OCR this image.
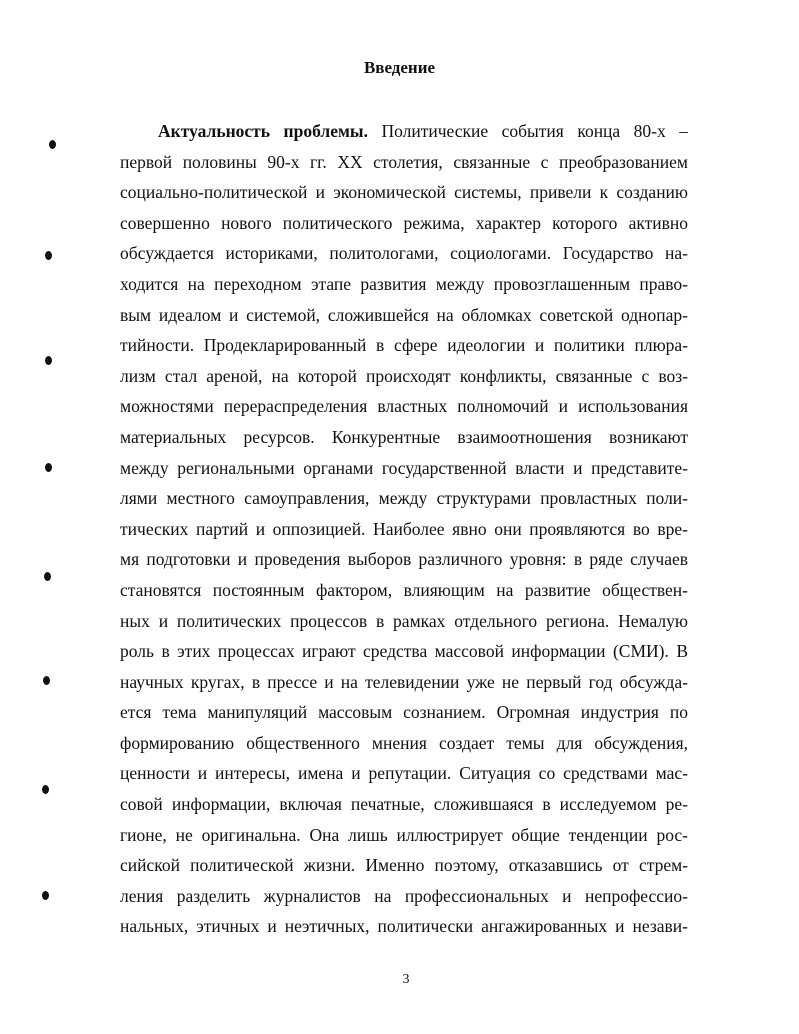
Введение
Актуальность проблемы. Политические события конца 80-х –
первой половины 90-х гг. XX столетия, связанные с преобразованием
социально-политической и экономической системы, привели к созданию
совершенно нового политического режима, характер которого активно
обсуждается историками, политологами, социологами. Государство на-
ходится на переходном этапе развития между провозглашенным право-
вым идеалом и системой, сложившейся на обломках советской однопар-
тийности. Продекларированный в сфере идеологии и политики плюра-
лизм стал ареной, на которой происходят конфликты, связанные с воз-
можностями перераспределения властных полномочий и использования
материальных ресурсов. Конкурентные взаимоотношения возникают
между региональными органами государственной власти и представите-
лями местного самоуправления, между структурами провластных поли-
тических партий и оппозицией. Наиболее явно они проявляются во вре-
мя подготовки и проведения выборов различного уровня: в ряде случаев
становятся постоянным фактором, влияющим на развитие обществен-
ных и политических процессов в рамках отдельного региона. Немалую
роль в этих процессах играют средства массовой информации (СМИ). В
научных кругах, в прессе и на телевидении уже не первый год обсужда-
ется тема манипуляций массовым сознанием. Огромная индустрия по
формированию общественного мнения создает темы для обсуждения,
ценности и интересы, имена и репутации. Ситуация со средствами мас-
совой информации, включая печатные, сложившаяся в исследуемом ре-
гионе, не оригинальна. Она лишь иллюстрирует общие тенденции рос-
сийской политической жизни. Именно поэтому, отказавшись от стрем-
ления разделить журналистов на профессиональных и непрофессио-
нальных, этичных и неэтичных, политически ангажированных и незави-
3
